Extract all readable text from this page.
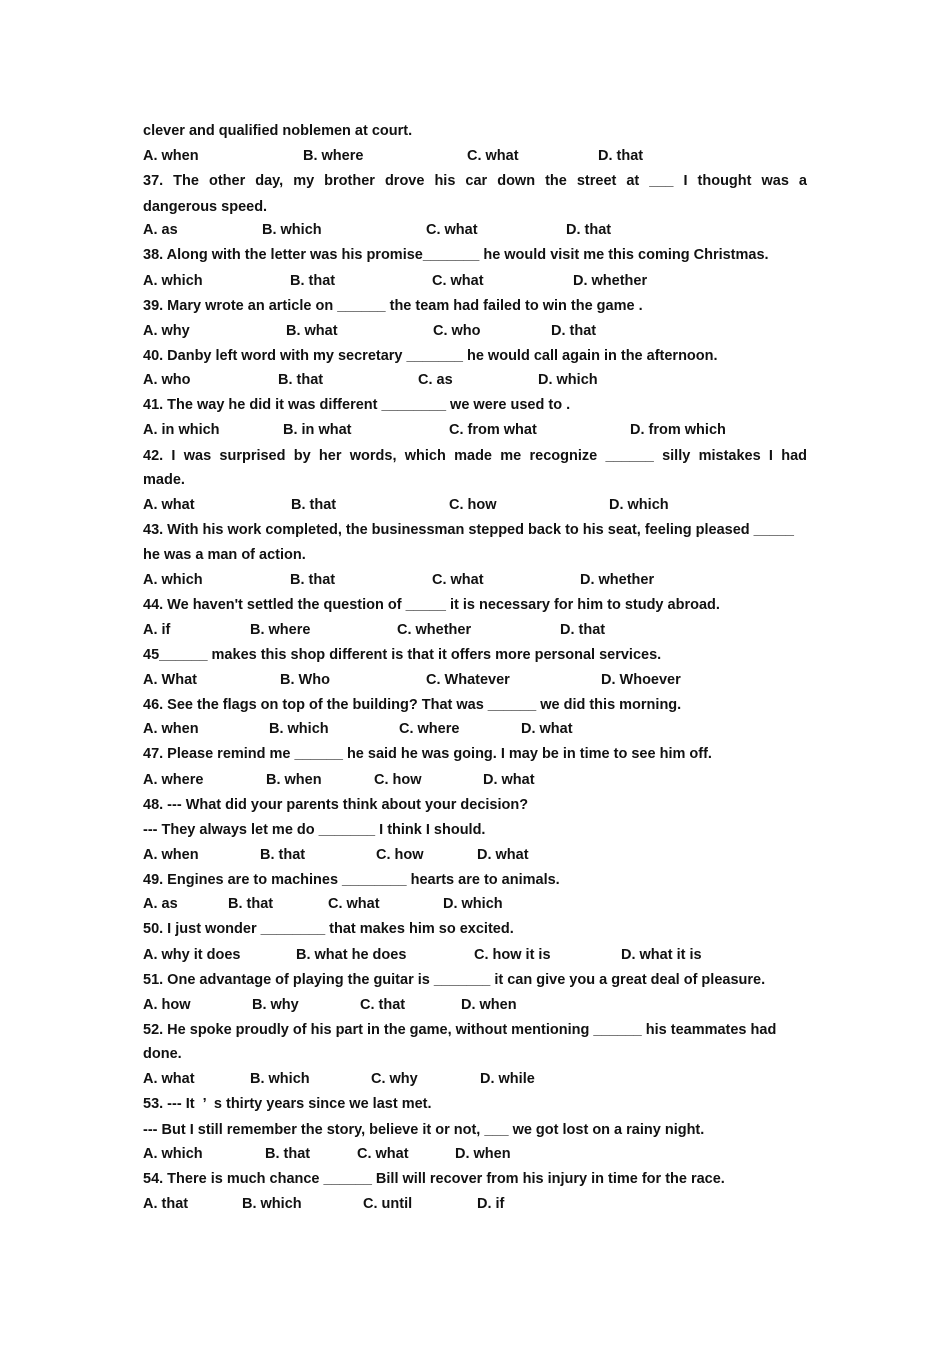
clever and qualified noblemen at court.
A. when	B. where	C. what	D. that
37. The other day, my brother drove his car down the street at ___ I thought was a
dangerous speed.
A. as	B. which	C. what	D. that
38. Along with the letter was his promise_______ he would visit me this coming Christmas.
A. which	B. that	C. what	D. whether
39. Mary wrote an article on ______ the team had failed to win the game .
A. why	B. what	C. who	D. that
40. Danby left word with my secretary _______ he would call again in the afternoon.
A. who	B. that	C. as	D. which
41. The way he did it was different ________ we were used to .
A. in which	B. in what	C. from what	D. from which
42. I was surprised by her words, which made me recognize ______ silly mistakes I had
made.
A. what	B. that	C. how	D. which
43. With his work completed, the businessman stepped back to his seat, feeling pleased _____
he was a man of action.
A. which	B. that	C. what	D. whether
44. We haven't settled the question of _____ it is necessary for him to study abroad.
A. if	B. where	C. whether	D. that
45______ makes this shop different is that it offers more personal services.
A. What	B. Who	C. Whatever	D. Whoever
46. See the flags on top of the building? That was ______ we did this morning.
A. when	B. which	C. where	D. what
47. Please remind me ______ he said he was going. I may be in time to see him off.
A. where	B. when	C. how	D. what
48. --- What did your parents think about your decision?
--- They always let me do _______ I think I should.
A. when	B. that	C. how	D. what
49. Engines are to machines ________ hearts are to animals.
A. as	B. that	C. what	D. which
50. I just wonder ________ that makes him so excited.
A. why it does	B. what he does	C. how it is	D. what it is
51. One advantage of playing the guitar is _______ it can give you a great deal of pleasure.
A. how	B. why	C. that	D. when
52. He spoke proudly of his part in the game, without mentioning ______ his teammates had
done.
A. what	B. which	C. why	D. while
53. --- It  ’  s thirty years since we last met.
--- But I still remember the story, believe it or not, ___ we got lost on a rainy night.
A. which	B. that	C. what	D. when
54. There is much chance ______ Bill will recover from his injury in time for the race.
A. that	B. which	C. until	D. if
